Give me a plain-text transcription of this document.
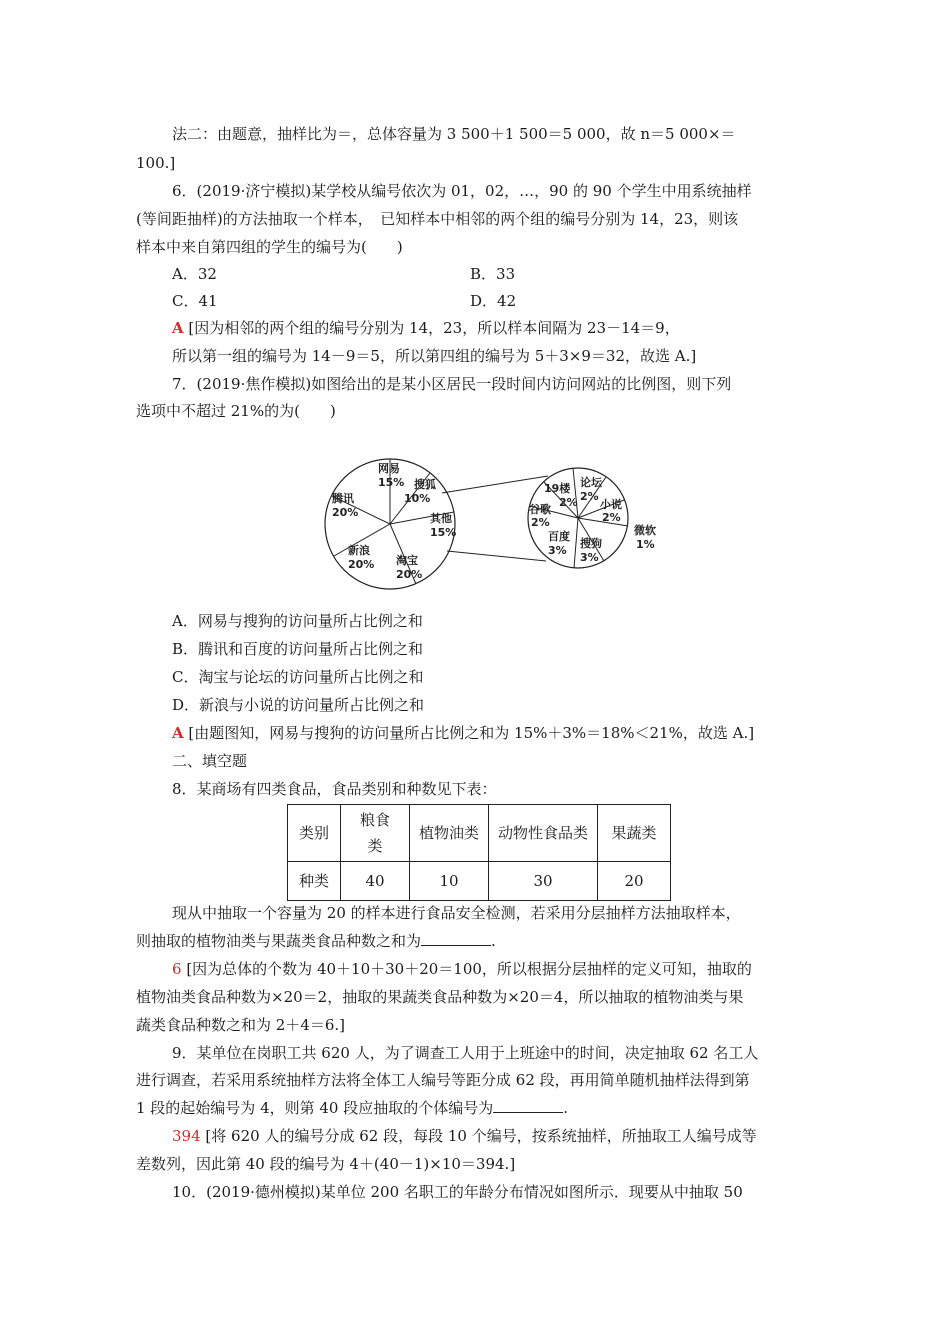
法二：由题意，抽样比为＝，总体容量为 3 500＋1 500＝5 000，故 n＝5 000×＝
100.]
6．(2019·济宁模拟)某学校从编号依次为 01，02，…，90 的 90 个学生中用系统抽样
(等间距抽样)的方法抽取一个样本，　已知样本中相邻的两个组的编号分别为 14，23，则该
样本中来自第四组的学生的编号为(　　)
A．32	B．33
C．41	D．42
A [因为相邻的两个组的编号分别为 14，23，所以样本间隔为 23－14＝9，
所以第一组的编号为 14－9＝5，所以第四组的编号为 5＋3×9＝32，故选 A.]
7．(2019·焦作模拟)如图给出的是某小区居民一段时间内访问网站的比例图，则下列
选项中不超过 21%的为(　　)
网易
15% 搜狐
10%
其他
15%
淘宝
20%
新浪
20%
腾讯
20%
19楼
2%
论坛
2%
小说
2%
搜狗
3%
百度
3%
谷歌
2%
微软
1%
A．网易与搜狗的访问量所占比例之和
B．腾讯和百度的访问量所占比例之和
C．淘宝与论坛的访问量所占比例之和
D．新浪与小说的访问量所占比例之和
A [由题图知，网易与搜狗的访问量所占比例之和为 15%＋3%＝18%＜21%，故选 A.]
二、填空题
8．某商场有四类食品，食品类别和种数见下表：
类别	粮食类	植物油类	动物性食品类	果蔬类
种类	40	10	30	20
现从中抽取一个容量为 20 的样本进行食品安全检测，若采用分层抽样方法抽取样本，
则抽取的植物油类与果蔬类食品种数之和为	.
6 [因为总体的个数为 40＋10＋30＋20＝100，所以根据分层抽样的定义可知，抽取的
植物油类食品种数为×20＝2，抽取的果蔬类食品种数为×20＝4，所以抽取的植物油类与果
蔬类食品种数之和为 2＋4＝6.]
9．某单位在岗职工共 620 人，为了调查工人用于上班途中的时间，决定抽取 62 名工人
进行调查，若采用系统抽样方法将全体工人编号等距分成 62 段，再用简单随机抽样法得到第
1 段的起始编号为 4，则第 40 段应抽取的个体编号为	.
394 [将 620 人的编号分成 62 段，每段 10 个编号，按系统抽样，所抽取工人编号成等
差数列，因此第 40 段的编号为 4＋(40－1)×10＝394.]
10．(2019·德州模拟)某单位 200 名职工的年龄分布情况如图所示．现要从中抽取 50
